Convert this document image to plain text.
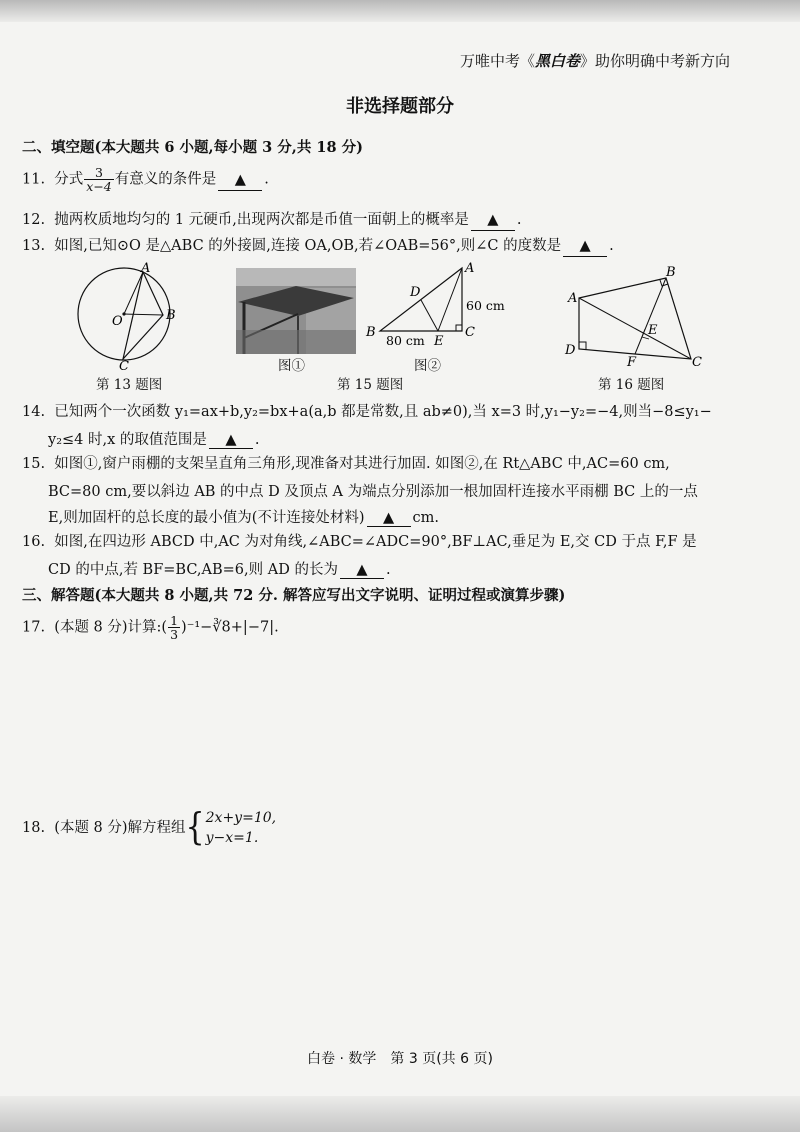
万唯中考《黑白卷》助你明确中考新方向
非选择题部分
二、填空题(本大题共 6 小题,每小题 3 分,共 18 分)
11. 分式 $\frac{3}{x-4}$ 有意义的条件是 ▲ .
12. 抛两枚质地均匀的 1 元硬币,出现两次都是币值一面朝上的概率是 ▲ .
13. 如图,已知⊙O 是△ABC 的外接圆,连接 OA,OB,若∠OAB=56°,则∠C 的度数是 ▲ .
A
B
C
O
第 13 题图
图①
A
B	C
D
E
60 cm
80 cm
图②
第 15 题图
A
B
C
D
E
F
第 16 题图
14. 已知两个一次函数 y₁=ax+b,y₂=bx+a(a,b 都是常数,且 ab≠0),当 x=3 时,y₁−y₂=−4,则当−8≤y₁−
y₂≤4 时,x 的取值范围是 ▲ .
15. 如图①,窗户雨棚的支架呈直角三角形,现准备对其进行加固. 如图②,在 Rt△ABC 中,AC=60 cm,
BC=80 cm,要以斜边 AB 的中点 D 及顶点 A 为端点分别添加一根加固杆连接水平雨棚 BC 上的一点
E,则加固杆的总长度的最小值为(不计连接处材料) ▲ cm.
16. 如图,在四边形 ABCD 中,AC 为对角线,∠ABC=∠ADC=90°,BF⊥AC,垂足为 E,交 CD 于点 F,F 是
CD 的中点,若 BF=BC,AB=6,则 AD 的长为 ▲ .
三、解答题(本大题共 8 小题,共 72 分. 解答应写出文字说明、证明过程或演算步骤)
17. (本题 8 分)计算:( $\frac{1}{3}$ )⁻¹−∛8+|−7|.
18. (本题 8 分)解方程组{ 2x+y=10,
y−x=1.
白卷 · 数学　第 3 页(共 6 页)
